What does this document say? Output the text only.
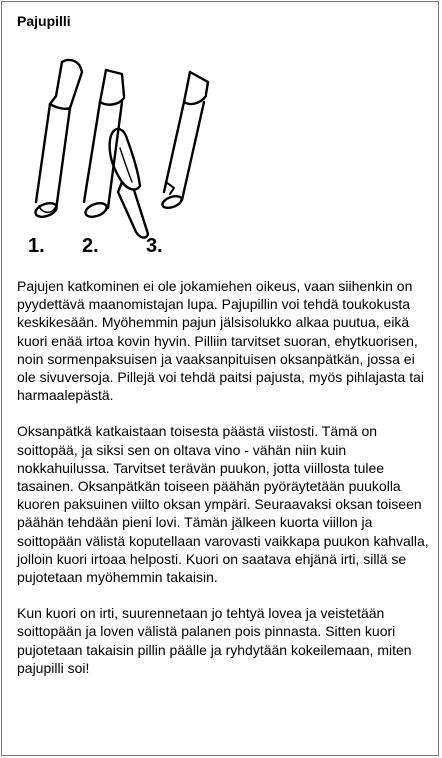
Pajupilli
1. 2. 3.

Pajujen katkominen ei ole jokamiehen oikeus, vaan siihenkin on pyydettävä maanomistajan lupa. Pajupillin voi tehdä toukokusta keskikesään. Myöhemmin pajun jälsisolukko alkaa puutua, eikä kuori enää irtoa kovin hyvin. Pilliin tarvitset suoran, ehytkuorisen, noin sormenpaksuisen ja vaaksanpituisen oksanpätkän, jossa ei ole sivuversoja. Pillejä voi tehdä paitsi pajusta, myös pihlajasta tai harmaalepästä.

Oksanpätkä katkaistaan toisesta päästä viistosti. Tämä on soittopää, ja siksi sen on oltava vino - vähän niin kuin nokkahuilussa. Tarvitset terävän puukon, jotta viillosta tulee tasainen. Oksanpätkän toiseen päähän pyöräytetään puukolla kuoren paksuinen viilto oksan ympäri. Seuraavaksi oksan toiseen päähän tehdään pieni lovi. Tämän jälkeen kuorta viillon ja soittopään välistä koputellaan varovasti vaikkapa puukon kahvalla, jolloin kuori irtoaa helposti. Kuori on saatava ehjänä irti, sillä se pujotetaan myöhemmin takaisin.

Kun kuori on irti, suurennetaan jo tehtyä lovea ja veistetään soittopään ja loven välistä palanen pois pinnasta. Sitten kuori pujotetaan takaisin pillin päälle ja ryhdytään kokeilemaan, miten pajupilli soi!
